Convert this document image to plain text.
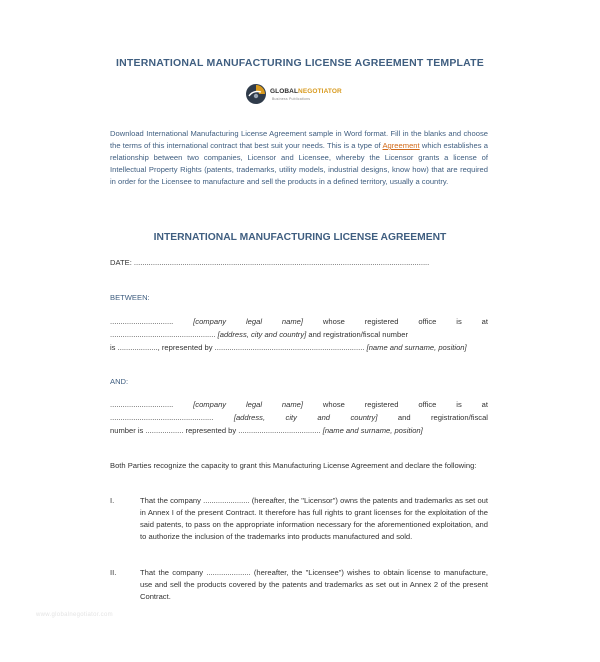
INTERNATIONAL MANUFACTURING LICENSE AGREEMENT TEMPLATE
GLOBALNEGOTIATOR
Business Publications
Download International Manufacturing License Agreement sample in Word format. Fill in the blanks and choose the terms of this international contract that best suit your needs. This is a type of Agreement which establishes a relationship between two companies, Licensor and Licensee, whereby the Licensor grants a license of Intellectual Property Rights (patents, trademarks, utility models, industrial designs, know how) that are required in order for the Licensee to manufacture and sell the products in a defined territory, usually a country.
INTERNATIONAL MANUFACTURING LICENSE AGREEMENT
DATE: ............................................................................................................................................
BETWEEN:
..............................	[company	legal	name]	whose	registered	office	is	at
.................................................. [address, city and country] and registration/fiscal number
is ..................., represented by ....................................................................... [name and surname, position]
AND:
..............................	[company	legal	name]	whose	registered	office	is	at
.................................................	[address,	city	and	country]	and	registration/fiscal
number is .................. represented by ....................................... [name and surname, position]
Both Parties recognize the capacity to grant this Manufacturing License Agreement and declare the following:
I.	That the company ...................... (hereafter, the "Licensor") owns the patents and trademarks as set out in Annex I of the present Contract. It therefore has full rights to grant licenses for the exploitation of the said patents, to pass on the appropriate information necessary for the aforementioned exploitation, and to authorize the inclusion of the trademarks into products manufactured and sold.
II.	That the company ..................... (hereafter, the "Licensee") wishes to obtain license to manufacture, use and sell the products covered by the patents and trademarks as set out in Annex 2 of the present Contract.
www.globalnegotiator.com
